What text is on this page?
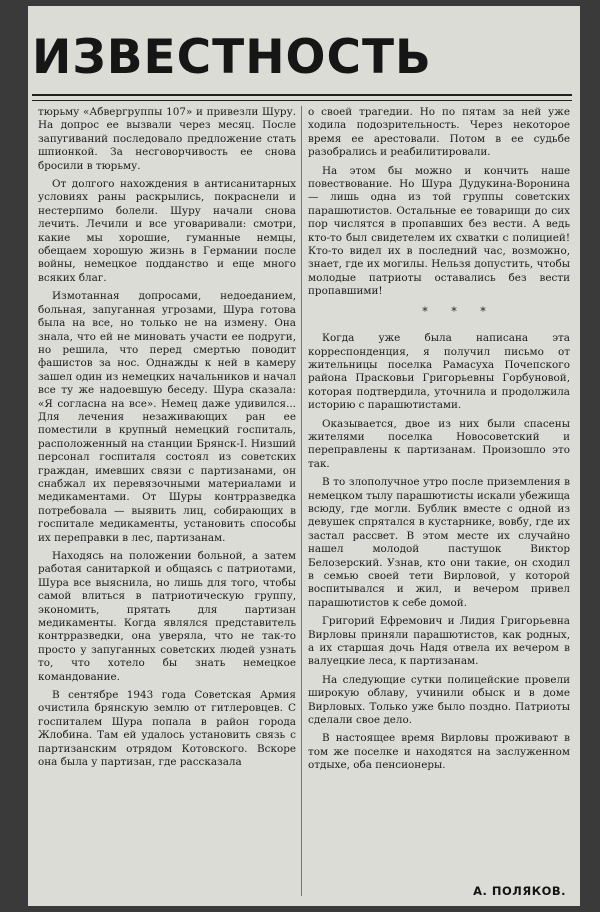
ИЗВЕСТНОСТЬ

тюрьму «Абвергруппы 107» и привезли Шуру. На допрос ее вызвали через месяц. После запугиваний последовало предложение стать шпионкой. За несговорчивость ее снова бросили в тюрьму.

От долгого нахождения в антисанитарных условиях раны раскрылись, покраснели и нестерпимо болели. Шуру начали снова лечить. Лечили и все уговаривали: смотри, какие мы хорошие, гуманные немцы, обещаем хорошую жизнь в Германии после войны, немецкое подданство и еще много всяких благ.

Измотанная допросами, недоеданием, больная, запуганная угрозами, Шура готова была на все, но только не на измену. Она знала, что ей не миновать участи ее подруги, но решила, что перед смертью поводит фашистов за нос. Однажды к ней в камеру зашел один из немецких начальников и начал все ту же надоевшую беседу. Шура сказала: «Я согласна на все». Немец даже удивился... Для лечения незаживающих ран ее поместили в крупный немецкий госпиталь, расположенный на станции Брянск-I. Низший персонал госпиталя состоял из советских граждан, имевших связи с партизанами, он снабжал их перевязочными материалами и медикаментами. От Шуры контрразведка потребовала — выявить лиц, собирающих в госпитале медикаменты, установить способы их переправки в лес, партизанам.

Находясь на положении больной, а затем работая санитаркой и общаясь с патриотами, Шура все выяснила, но лишь для того, чтобы самой влиться в патриотическую группу, экономить, прятать для партизан медикаменты. Когда являлся представитель контрразведки, она уверяла, что не так-то просто у запуганных советских людей узнать то, что хотело бы знать немецкое командование.

В сентябре 1943 года Советская Армия очистила брянскую землю от гитлеровцев. С госпиталем Шура попала в район города Жлобина. Там ей удалось установить связь с партизанским отрядом Котовского. Вскоре она была у партизан, где рассказала

о своей трагедии. Но по пятам за ней уже ходила подозрительность. Через некоторое время ее арестовали. Потом в ее судьбе разобрались и реабилитировали.

На этом бы можно и кончить наше повествование. Но Шура Дудукина-Воронина — лишь одна из той группы советских парашютистов. Остальные ее товарищи до сих пор числятся в пропавших без вести. А ведь кто-то был свидетелем их схватки с полицией! Кто-то видел их в последний час, возможно, знает, где их могилы. Нельзя допустить, чтобы молодые патриоты оставались без вести пропавшими!

* * *

Когда уже была написана эта корреспонденция, я получил письмо от жительницы поселка Рамасуха Почепского района Прасковьи Григорьевны Горбуновой, которая подтвердила, уточнила и продолжила историю с парашютистами.

Оказывается, двое из них были спасены жителями поселка Новосоветский и переправлены к партизанам. Произошло это так.

В то злополучное утро после приземления в немецком тылу парашютисты искали убежища всюду, где могли. Бублик вместе с одной из девушек спрятался в кустарнике, вовбу, где их застал рассвет. В этом месте их случайно нашел молодой пастушок Виктор Белозерский. Узнав, кто они такие, он сходил в семью своей тети Вирловой, у которой воспитывался и жил, и вечером привел парашютистов к себе домой.

Григорий Ефремович и Лидия Григорьевна Вирловы приняли парашютистов, как родных, а их старшая дочь Надя отвела их вечером в валуецкие леса, к партизанам.

На следующие сутки полицейские провели широкую облаву, учинили обыск и в доме Вирловых. Только уже было поздно. Патриоты сделали свое дело.

В настоящее время Вирловы проживают в том же поселке и находятся на заслуженном отдыхе, оба пенсионеры.

А. ПОЛЯКОВ.
